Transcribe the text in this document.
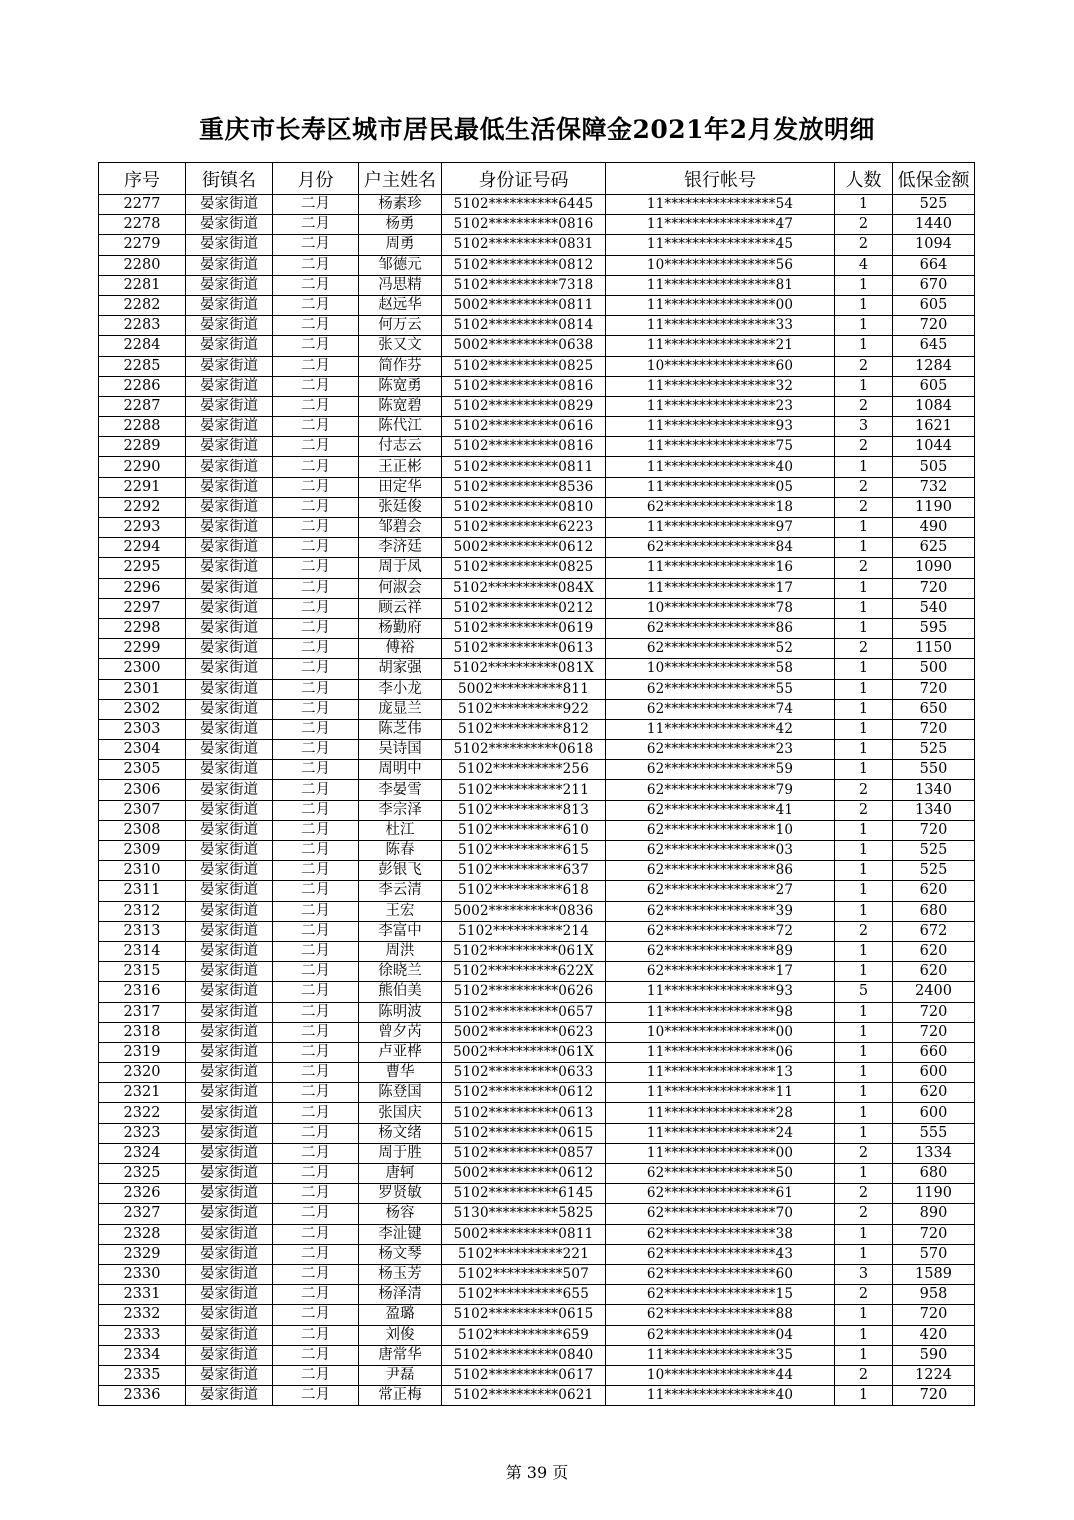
重庆市长寿区城市居民最低生活保障金2021年2月发放明细
序号	街镇名	月份	户主姓名	身份证号码	银行帐号	人数	低保金额
2277	晏家街道	二月	杨素珍	5102**********6445	11****************54	1	525
2278	晏家街道	二月	杨勇	5102**********0816	11****************47	2	1440
2279	晏家街道	二月	周勇	5102**********0831	11****************45	2	1094
2280	晏家街道	二月	邹德元	5102**********0812	10****************56	4	664
2281	晏家街道	二月	冯思精	5102**********7318	11****************81	1	670
2282	晏家街道	二月	赵远华	5002**********0811	11****************00	1	605
2283	晏家街道	二月	何万云	5102**********0814	11****************33	1	720
2284	晏家街道	二月	张又文	5002**********0638	11****************21	1	645
2285	晏家街道	二月	简作芬	5102**********0825	10****************60	2	1284
2286	晏家街道	二月	陈宽勇	5102**********0816	11****************32	1	605
2287	晏家街道	二月	陈宽碧	5102**********0829	11****************23	2	1084
2288	晏家街道	二月	陈代江	5102**********0616	11****************93	3	1621
2289	晏家街道	二月	付志云	5102**********0816	11****************75	2	1044
2290	晏家街道	二月	王正彬	5102**********0811	11****************40	1	505
2291	晏家街道	二月	田定华	5102**********8536	11****************05	2	732
2292	晏家街道	二月	张廷俊	5102**********0810	62****************18	2	1190
2293	晏家街道	二月	邹碧会	5102**********6223	11****************97	1	490
2294	晏家街道	二月	李济廷	5002**********0612	62****************84	1	625
2295	晏家街道	二月	周于凤	5102**********0825	11****************16	2	1090
2296	晏家街道	二月	何淑会	5102**********084X	11****************17	1	720
2297	晏家街道	二月	顾云祥	5102**********0212	10****************78	1	540
2298	晏家街道	二月	杨勤府	5102**********0619	62****************86	1	595
2299	晏家街道	二月	傅裕	5102**********0613	62****************52	2	1150
2300	晏家街道	二月	胡家强	5102**********081X	10****************58	1	500
2301	晏家街道	二月	李小龙	5002**********811	62****************55	1	720
2302	晏家街道	二月	庞显兰	5102**********922	62****************74	1	650
2303	晏家街道	二月	陈芝伟	5102**********812	11****************42	1	720
2304	晏家街道	二月	吴诗国	5102**********0618	62****************23	1	525
2305	晏家街道	二月	周明中	5102**********256	62****************59	1	550
2306	晏家街道	二月	李晏雪	5102**********211	62****************79	2	1340
2307	晏家街道	二月	李宗泽	5102**********813	62****************41	2	1340
2308	晏家街道	二月	杜江	5102**********610	62****************10	1	720
2309	晏家街道	二月	陈春	5102**********615	62****************03	1	525
2310	晏家街道	二月	彭银飞	5102**********637	62****************86	1	525
2311	晏家街道	二月	李云清	5102**********618	62****************27	1	620
2312	晏家街道	二月	王宏	5002**********0836	62****************39	1	680
2313	晏家街道	二月	李富中	5102**********214	62****************72	2	672
2314	晏家街道	二月	周洪	5102**********061X	62****************89	1	620
2315	晏家街道	二月	徐晓兰	5102**********622X	62****************17	1	620
2316	晏家街道	二月	熊伯美	5102**********0626	11****************93	5	2400
2317	晏家街道	二月	陈明波	5102**********0657	11****************98	1	720
2318	晏家街道	二月	曾夕芮	5002**********0623	10****************00	1	720
2319	晏家街道	二月	卢亚桦	5002**********061X	11****************06	1	660
2320	晏家街道	二月	曹华	5102**********0633	11****************13	1	600
2321	晏家街道	二月	陈登国	5102**********0612	11****************11	1	620
2322	晏家街道	二月	张国庆	5102**********0613	11****************28	1	600
2323	晏家街道	二月	杨文绪	5102**********0615	11****************24	1	555
2324	晏家街道	二月	周于胜	5102**********0857	11****************00	2	1334
2325	晏家街道	二月	唐轲	5002**********0612	62****************50	1	680
2326	晏家街道	二月	罗贤敏	5102**********6145	62****************61	2	1190
2327	晏家街道	二月	杨容	5130**********5825	62****************70	2	890
2328	晏家街道	二月	李沚键	5002**********0811	62****************38	1	720
2329	晏家街道	二月	杨文琴	5102**********221	62****************43	1	570
2330	晏家街道	二月	杨玉芳	5102**********507	62****************60	3	1589
2331	晏家街道	二月	杨泽清	5102**********655	62****************15	2	958
2332	晏家街道	二月	盈璐	5102**********0615	62****************88	1	720
2333	晏家街道	二月	刘俊	5102**********659	62****************04	1	420
2334	晏家街道	二月	唐常华	5102**********0840	11****************35	1	590
2335	晏家街道	二月	尹磊	5102**********0617	10****************44	2	1224
2336	晏家街道	二月	常正梅	5102**********0621	11****************40	1	720
第 39 页
